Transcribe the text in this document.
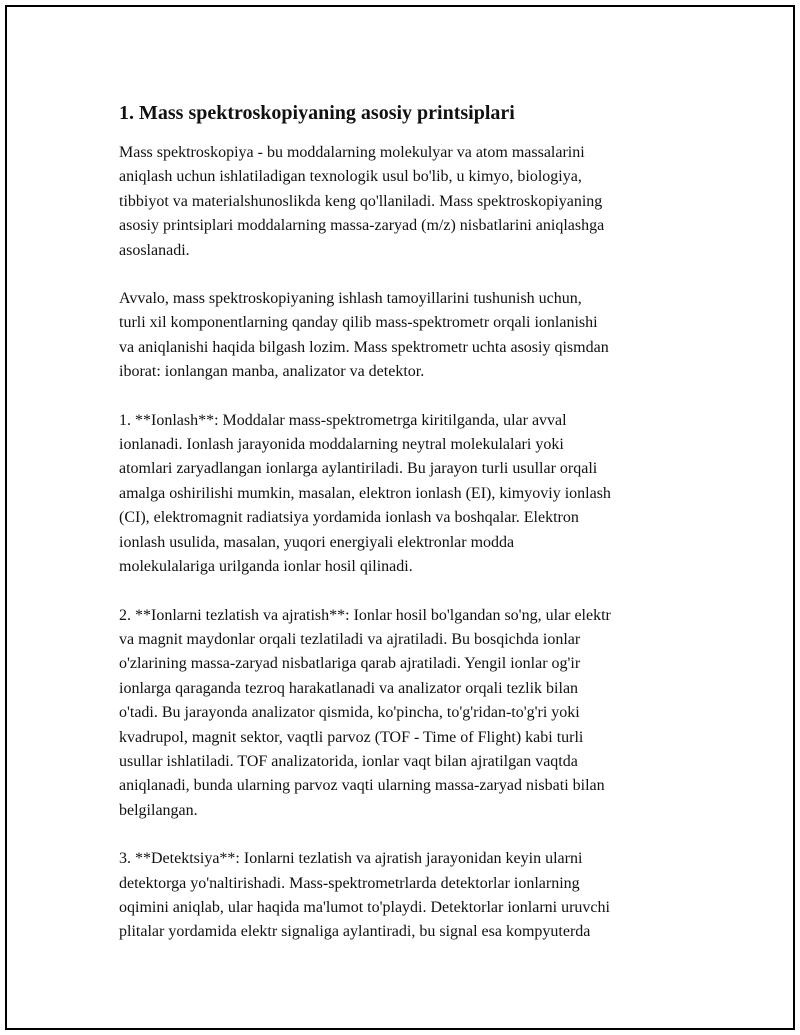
1. Mass spektroskopiyaning asosiy printsiplari

Mass spektroskopiya - bu moddalarning molekulyar va atom massalarini
aniqlash uchun ishlatiladigan texnologik usul bo'lib, u kimyo, biologiya,
tibbiyot va materialshunoslikda keng qo'llaniladi. Mass spektroskopiyaning
asosiy printsiplari moddalarning massa-zaryad (m/z) nisbatlarini aniqlashga
asoslanadi.

Avvalo, mass spektroskopiyaning ishlash tamoyillarini tushunish uchun,
turli xil komponentlarning qanday qilib mass-spektrometr orqali ionlanishi
va aniqlanishi haqida bilgash lozim. Mass spektrometr uchta asosiy qismdan
iborat: ionlangan manba, analizator va detektor.

1. **Ionlash**: Moddalar mass-spektrometrga kiritilganda, ular avval
ionlanadi. Ionlash jarayonida moddalarning neytral molekulalari yoki
atomlari zaryadlangan ionlarga aylantiriladi. Bu jarayon turli usullar orqali
amalga oshirilishi mumkin, masalan, elektron ionlash (EI), kimyoviy ionlash
(CI), elektromagnit radiatsiya yordamida ionlash va boshqalar. Elektron
ionlash usulida, masalan, yuqori energiyali elektronlar modda
molekulalariga urilganda ionlar hosil qilinadi.

2. **Ionlarni tezlatish va ajratish**: Ionlar hosil bo'lgandan so'ng, ular elektr
va magnit maydonlar orqali tezlatiladi va ajratiladi. Bu bosqichda ionlar
o'zlarining massa-zaryad nisbatlariga qarab ajratiladi. Yengil ionlar og'ir
ionlarga qaraganda tezroq harakatlanadi va analizator orqali tezlik bilan
o'tadi. Bu jarayonda analizator qismida, ko'pincha, to'g'ridan-to'g'ri yoki
kvadrupol, magnit sektor, vaqtli parvoz (TOF - Time of Flight) kabi turli
usullar ishlatiladi. TOF analizatorida, ionlar vaqt bilan ajratilgan vaqtda
aniqlanadi, bunda ularning parvoz vaqti ularning massa-zaryad nisbati bilan
belgilangan.

3. **Detektsiya**: Ionlarni tezlatish va ajratish jarayonidan keyin ularni
detektorga yo'naltirishadi. Mass-spektrometrlarda detektorlar ionlarning
oqimini aniqlab, ular haqida ma'lumot to'playdi. Detektorlar ionlarni uruvchi
plitalar yordamida elektr signaliga aylantiradi, bu signal esa kompyuterda
